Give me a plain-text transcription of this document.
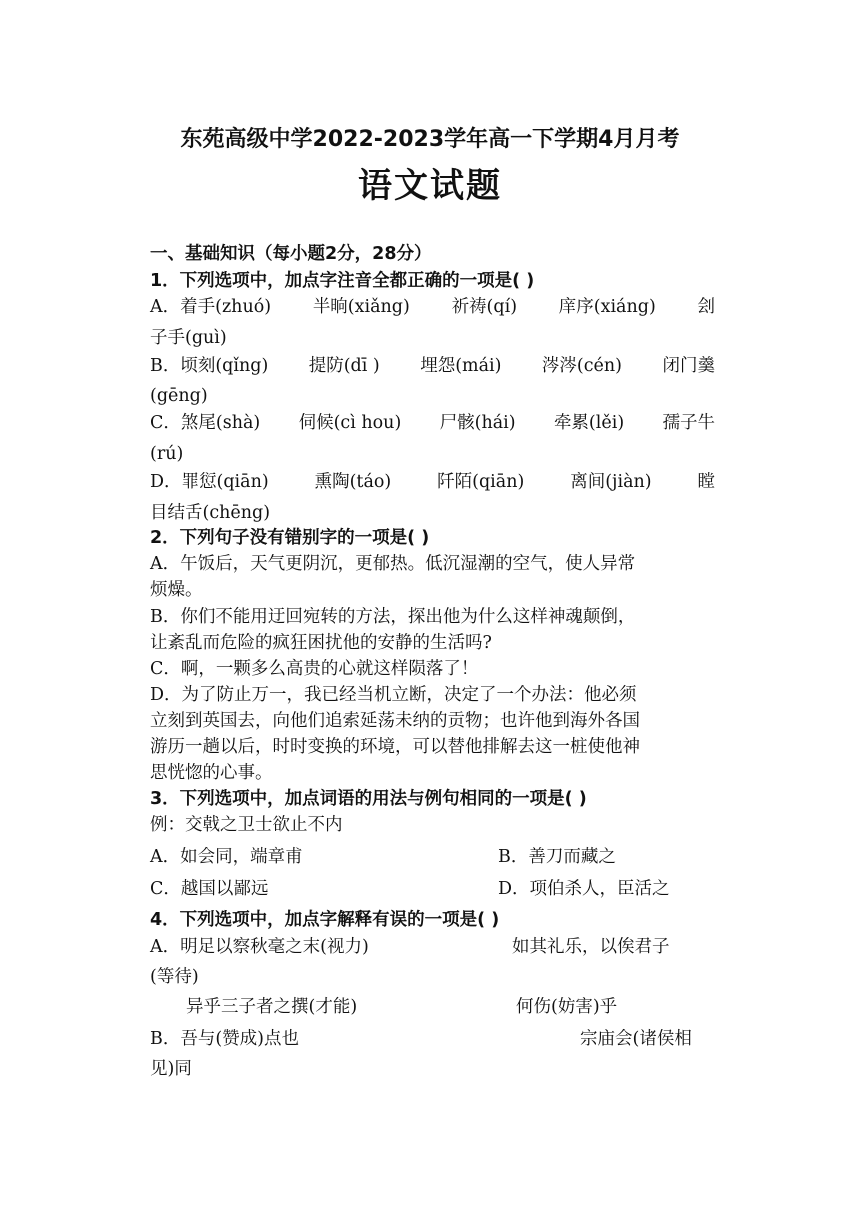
东苑高级中学2022-2023学年高一下学期4月月考
语文试题
一、基础知识（每小题2分，28分）
1．下列选项中，加点字注音全都正确的一项是( )
A．着手(zhuó) 半晌(xiǎng) 祈祷(qí) 庠序(xiáng) 刽
子手(guì)
B．顷刻(qǐng) 提防(dī ) 埋怨(mái) 涔涔(cén) 闭门羹
(gēng)
C．煞尾(shà) 伺候(cì hou) 尸骸(hái) 牵累(lěi) 孺子牛
(rú)
D．罪愆(qiān)	熏陶(táo)	阡陌(qiān)	离间(jiàn)	瞠
目结舌(chēng)
2．下列句子没有错别字的一项是( )
A．午饭后，天气更阴沉，更郁热。低沉湿潮的空气，使人异常
烦燥。
B．你们不能用迂回宛转的方法，探出他为什么这样神魂颠倒，
让紊乱而危险的疯狂困扰他的安静的生活吗?
C．啊，一颗多么高贵的心就这样陨落了！
D．为了防止万一，我已经当机立断，决定了一个办法：他必须
立刻到英国去，向他们追索延荡未纳的贡物；也许他到海外各国
游历一趟以后，时时变换的环境，可以替他排解去这一桩使他神
思恍惚的心事。
3．下列选项中，加点词语的用法与例句相同的一项是( )
例：交戟之卫士欲止不内
A．如会同，端章甫	B．善刀而藏之
C．越国以鄙远	D．项伯杀人，臣活之
4．下列选项中，加点字解释有误的一项是( )
A．明足以察秋毫之末(视力)	如其礼乐，以俟君子
(等待)
异乎三子者之撰(才能)	何伤(妨害)乎
B．吾与(赞成)点也	宗庙会(诸侯相
见)同
